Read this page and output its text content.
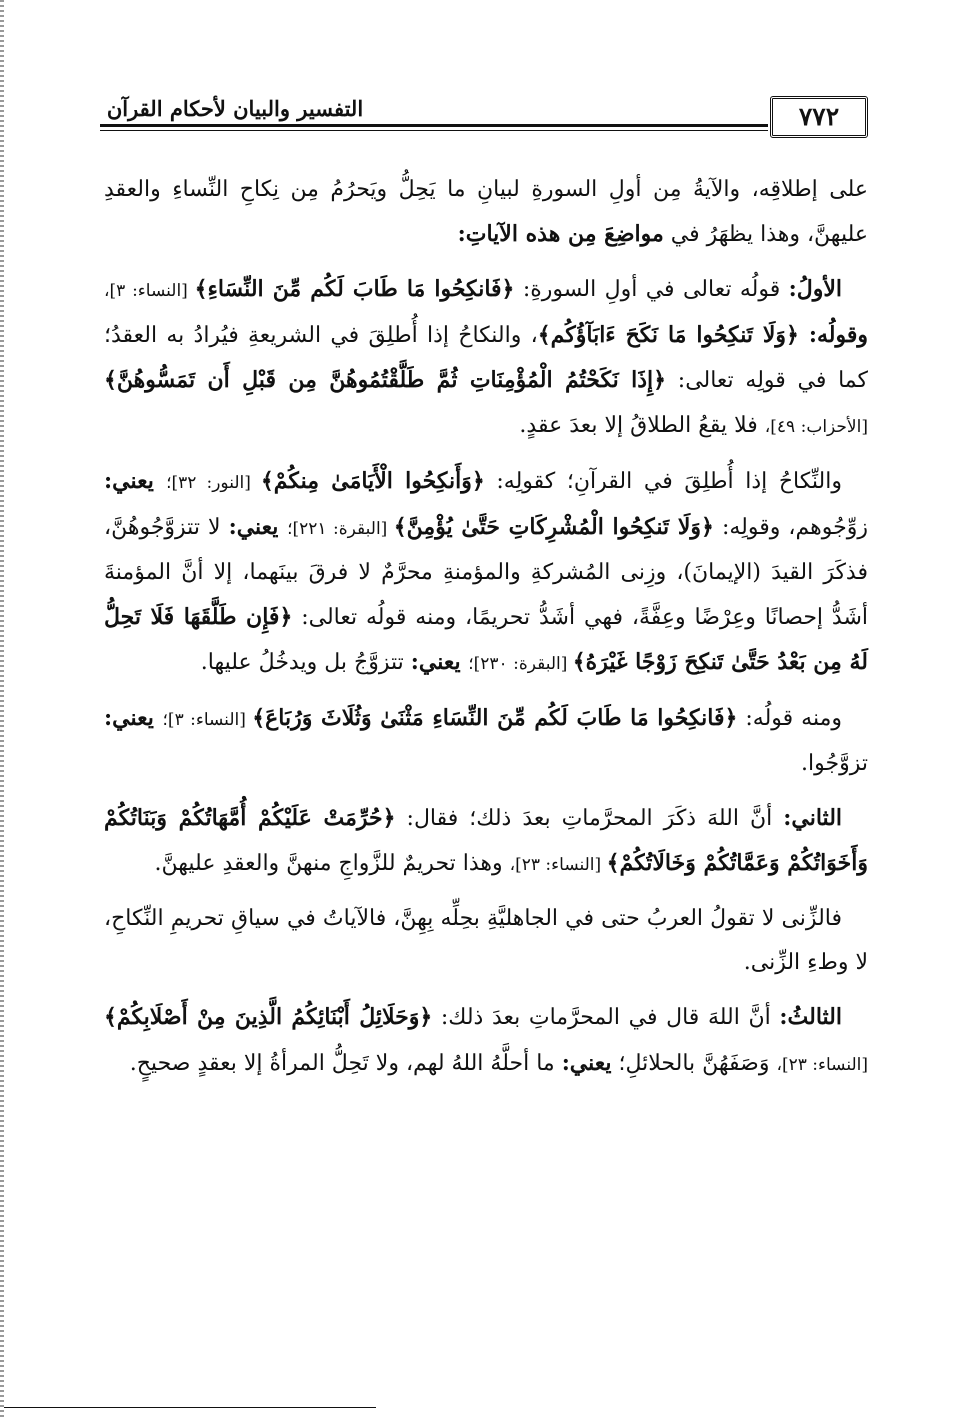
التفسير والبيان لأحكام القرآن	٧٧٢

على إطلاقِه، والآيةُ مِن أولِ السورةِ لبيانِ ما يَحِلُّ ويَحرُمُ مِن نِكاحِ النِّساءِ والعقدِ عليهنَّ، وهذا يظهَرُ في مواضِعَ مِن هذه الآياتِ:

الأولُ: قولُه تعالى في أولِ السورةِ: ﴿فَانكِحُوا مَا طَابَ لَكُم مِّنَ النِّسَاءِ﴾ [النساء: ٣]، وقولُه: ﴿وَلَا تَنكِحُوا مَا نَكَحَ ءَابَآؤُكُم﴾، والنكاحُ إذا أُطلِقَ في الشريعةِ فيُرادُ به العقدُ؛ كما في قولِه تعالى: ﴿إِذَا نَكَحْتُمُ الْمُؤْمِنَاتِ ثُمَّ طَلَّقْتُمُوهُنَّ مِن قَبْلِ أَن تَمَسُّوهُنَّ﴾ [الأحزاب: ٤٩]، فلا يقعُ الطلاقُ إلا بعدَ عقدٍ.

والنِّكاحُ إذا أُطلِقَ في القرآنِ؛ كقولِه: ﴿وَأَنكِحُوا الْأَيَامَىٰ مِنكُمْ﴾ [النور: ٣٢]؛ يعني: زوِّجُوهم، وقولِه: ﴿وَلَا تَنكِحُوا الْمُشْرِكَاتِ حَتَّىٰ يُؤْمِنَّ﴾ [البقرة: ٢٢١]؛ يعني: لا تتزوَّجُوهُنَّ، فذكَرَ القيدَ (الإيمانَ)، وزِنى المُشركةِ والمؤمنةِ محرَّمٌ لا فرقَ بينَهما، إلا أنَّ المؤمنةَ أشَدُّ إحصانًا وعِرْضًا وعِفَّةً، فهي أشَدُّ تحريمًا، ومنه قولُه تعالى: ﴿فَإِن طَلَّقَهَا فَلَا تَحِلُّ لَهُ مِن بَعْدُ حَتَّىٰ تَنكِحَ زَوْجًا غَيْرَهُ﴾ [البقرة: ٢٣٠]؛ يعني: تتزوَّجُ بل ويدخُلُ عليها.

ومنه قولُه: ﴿فَانكِحُوا مَا طَابَ لَكُم مِّنَ النِّسَاءِ مَثْنَىٰ وَثُلَاثَ وَرُبَاعَ﴾ [النساء: ٣]؛ يعني: تزوَّجُوا.

الثاني: أنَّ اللهَ ذكَرَ المحرَّماتِ بعدَ ذلك؛ فقال: ﴿حُرِّمَتْ عَلَيْكُمْ أُمَّهَاتُكُمْ وَبَنَاتُكُمْ وَأَخَوَاتُكُمْ وَعَمَّاتُكُمْ وَخَالَاتُكُمْ﴾ [النساء: ٢٣]، وهذا تحريمٌ للزَّواجِ منهنَّ والعقدِ عليهنَّ.

فالزِّنى لا تقولُ العربُ حتى في الجاهليَّةِ بحِلِّه بِهِنَّ، فالآياتُ في سياقِ تحريمِ النِّكاحِ، لا وطءِ الزِّنى.

الثالثُ: أنَّ اللهَ قال في المحرَّماتِ بعدَ ذلك: ﴿وَحَلَائِلُ أَبْنَائِكُمُ الَّذِينَ مِنْ أَصْلَابِكُمْ﴾ [النساء: ٢٣]، وَصَفَهُنَّ بالحلائلِ؛ يعني: ما أحلَّهُ اللهُ لهم، ولا تَحِلُّ المرأةُ إلا بعقدٍ صحيحٍ.
